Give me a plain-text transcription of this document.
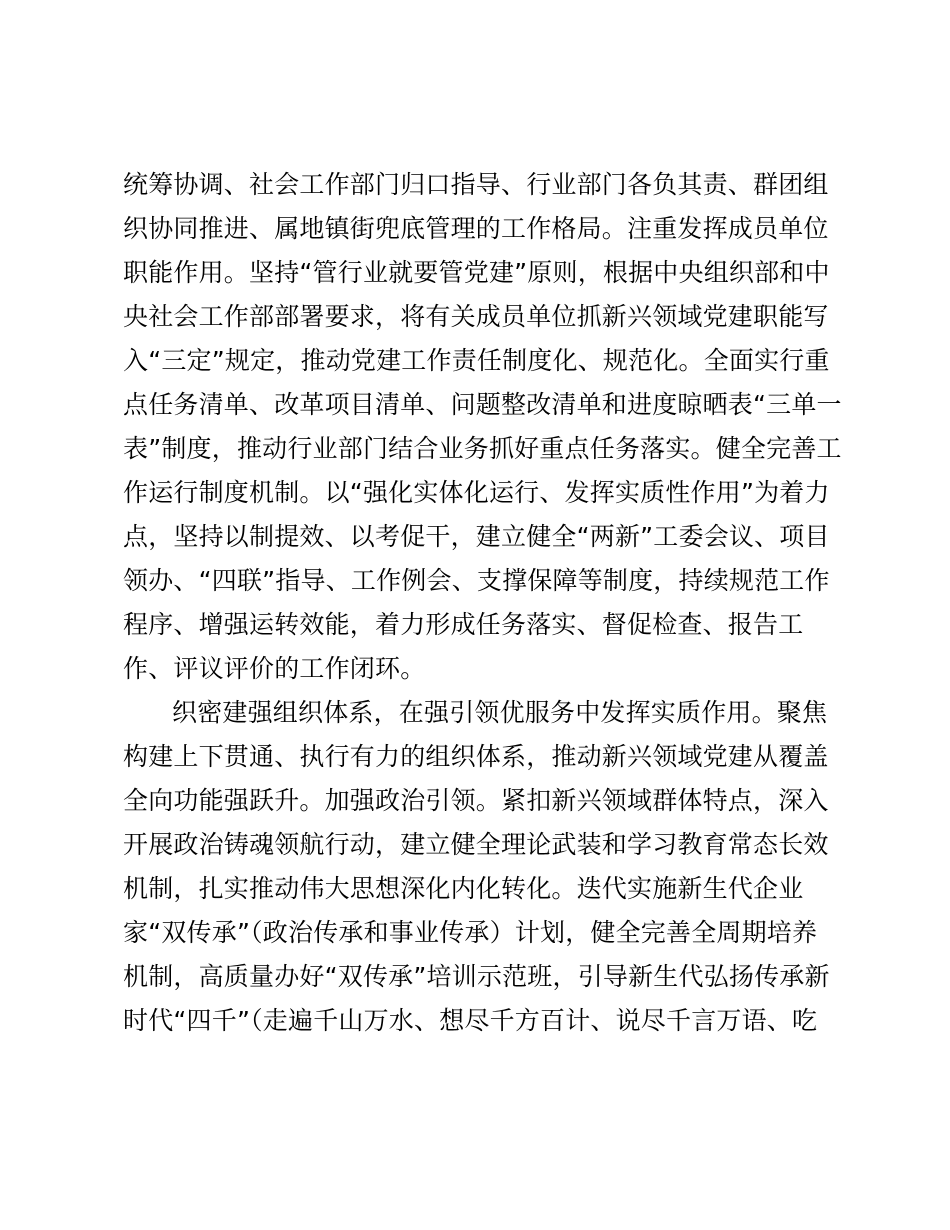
统筹协调、社会工作部门归口指导、行业部门各负其责、群团组
织协同推进、属地镇街兜底管理的工作格局。注重发挥成员单位
职能作用。坚持“管行业就要管党建”原则，根据中央组织部和中
央社会工作部部署要求，将有关成员单位抓新兴领域党建职能写
入“三定”规定，推动党建工作责任制度化、规范化。全面实行重
点任务清单、改革项目清单、问题整改清单和进度晾晒表“三单一
表”制度，推动行业部门结合业务抓好重点任务落实。健全完善工
作运行制度机制。以“强化实体化运行、发挥实质性作用”为着力
点，坚持以制提效、以考促干，建立健全“两新”工委会议、项目
领办、“四联”指导、工作例会、支撑保障等制度，持续规范工作
程序、增强运转效能，着力形成任务落实、督促检查、报告工
作、评议评价的工作闭环。
织密建强组织体系，在强引领优服务中发挥实质作用。聚焦
构建上下贯通、执行有力的组织体系，推动新兴领域党建从覆盖
全向功能强跃升。加强政治引领。紧扣新兴领域群体特点，深入
开展政治铸魂领航行动，建立健全理论武装和学习教育常态长效
机制，扎实推动伟大思想深化内化转化。迭代实施新生代企业
家“双传承”（政治传承和事业传承）计划，健全完善全周期培养
机制，高质量办好“双传承”培训示范班，引导新生代弘扬传承新
时代“四千”（走遍千山万水、想尽千方百计、说尽千言万语、吃
